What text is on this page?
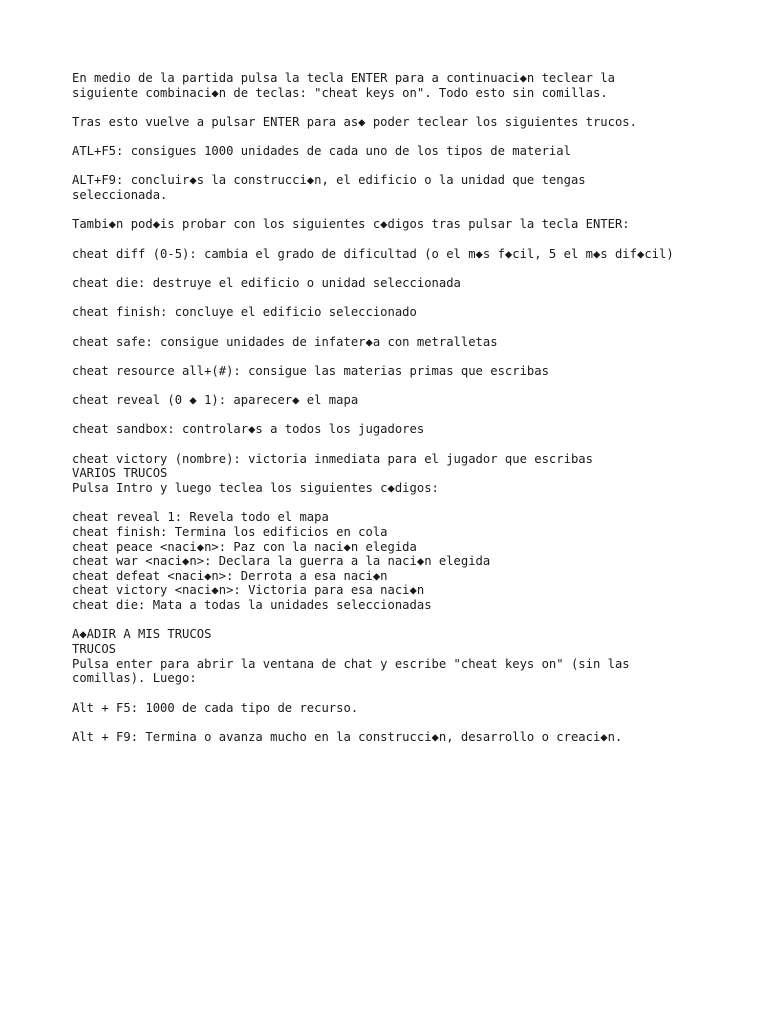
En medio de la partida pulsa la tecla ENTER para a continuaci◆n teclear la
siguiente combinaci◆n de teclas: "cheat keys on". Todo esto sin comillas.
Tras esto vuelve a pulsar ENTER para as◆ poder teclear los siguientes trucos.
ATL+F5: consigues 1000 unidades de cada uno de los tipos de material
ALT+F9: concluir◆s la construcci◆n, el edificio o la unidad que tengas
seleccionada.
Tambi◆n pod◆is probar con los siguientes c◆digos tras pulsar la tecla ENTER:
cheat diff (0-5): cambia el grado de dificultad (o el m◆s f◆cil, 5 el m◆s dif◆cil)
cheat die: destruye el edificio o unidad seleccionada
cheat finish: concluye el edificio seleccionado
cheat safe: consigue unidades de infater◆a con metralletas
cheat resource all+(#): consigue las materias primas que escribas
cheat reveal (0 ◆ 1): aparecer◆ el mapa
cheat sandbox: controlar◆s a todos los jugadores
cheat victory (nombre): victoria inmediata para el jugador que escribas
VARIOS TRUCOS
Pulsa Intro y luego teclea los siguientes c◆digos:
cheat reveal 1: Revela todo el mapa
cheat finish: Termina los edificios en cola
cheat peace <naci◆n>: Paz con la naci◆n elegida
cheat war <naci◆n>: Declara la guerra a la naci◆n elegida
cheat defeat <naci◆n>: Derrota a esa naci◆n
cheat victory <naci◆n>: Victoria para esa naci◆n
cheat die: Mata a todas la unidades seleccionadas
A◆ADIR A MIS TRUCOS
TRUCOS
Pulsa enter para abrir la ventana de chat y escribe "cheat keys on" (sin las
comillas). Luego:
Alt + F5: 1000 de cada tipo de recurso.
Alt + F9: Termina o avanza mucho en la construcci◆n, desarrollo o creaci◆n.
